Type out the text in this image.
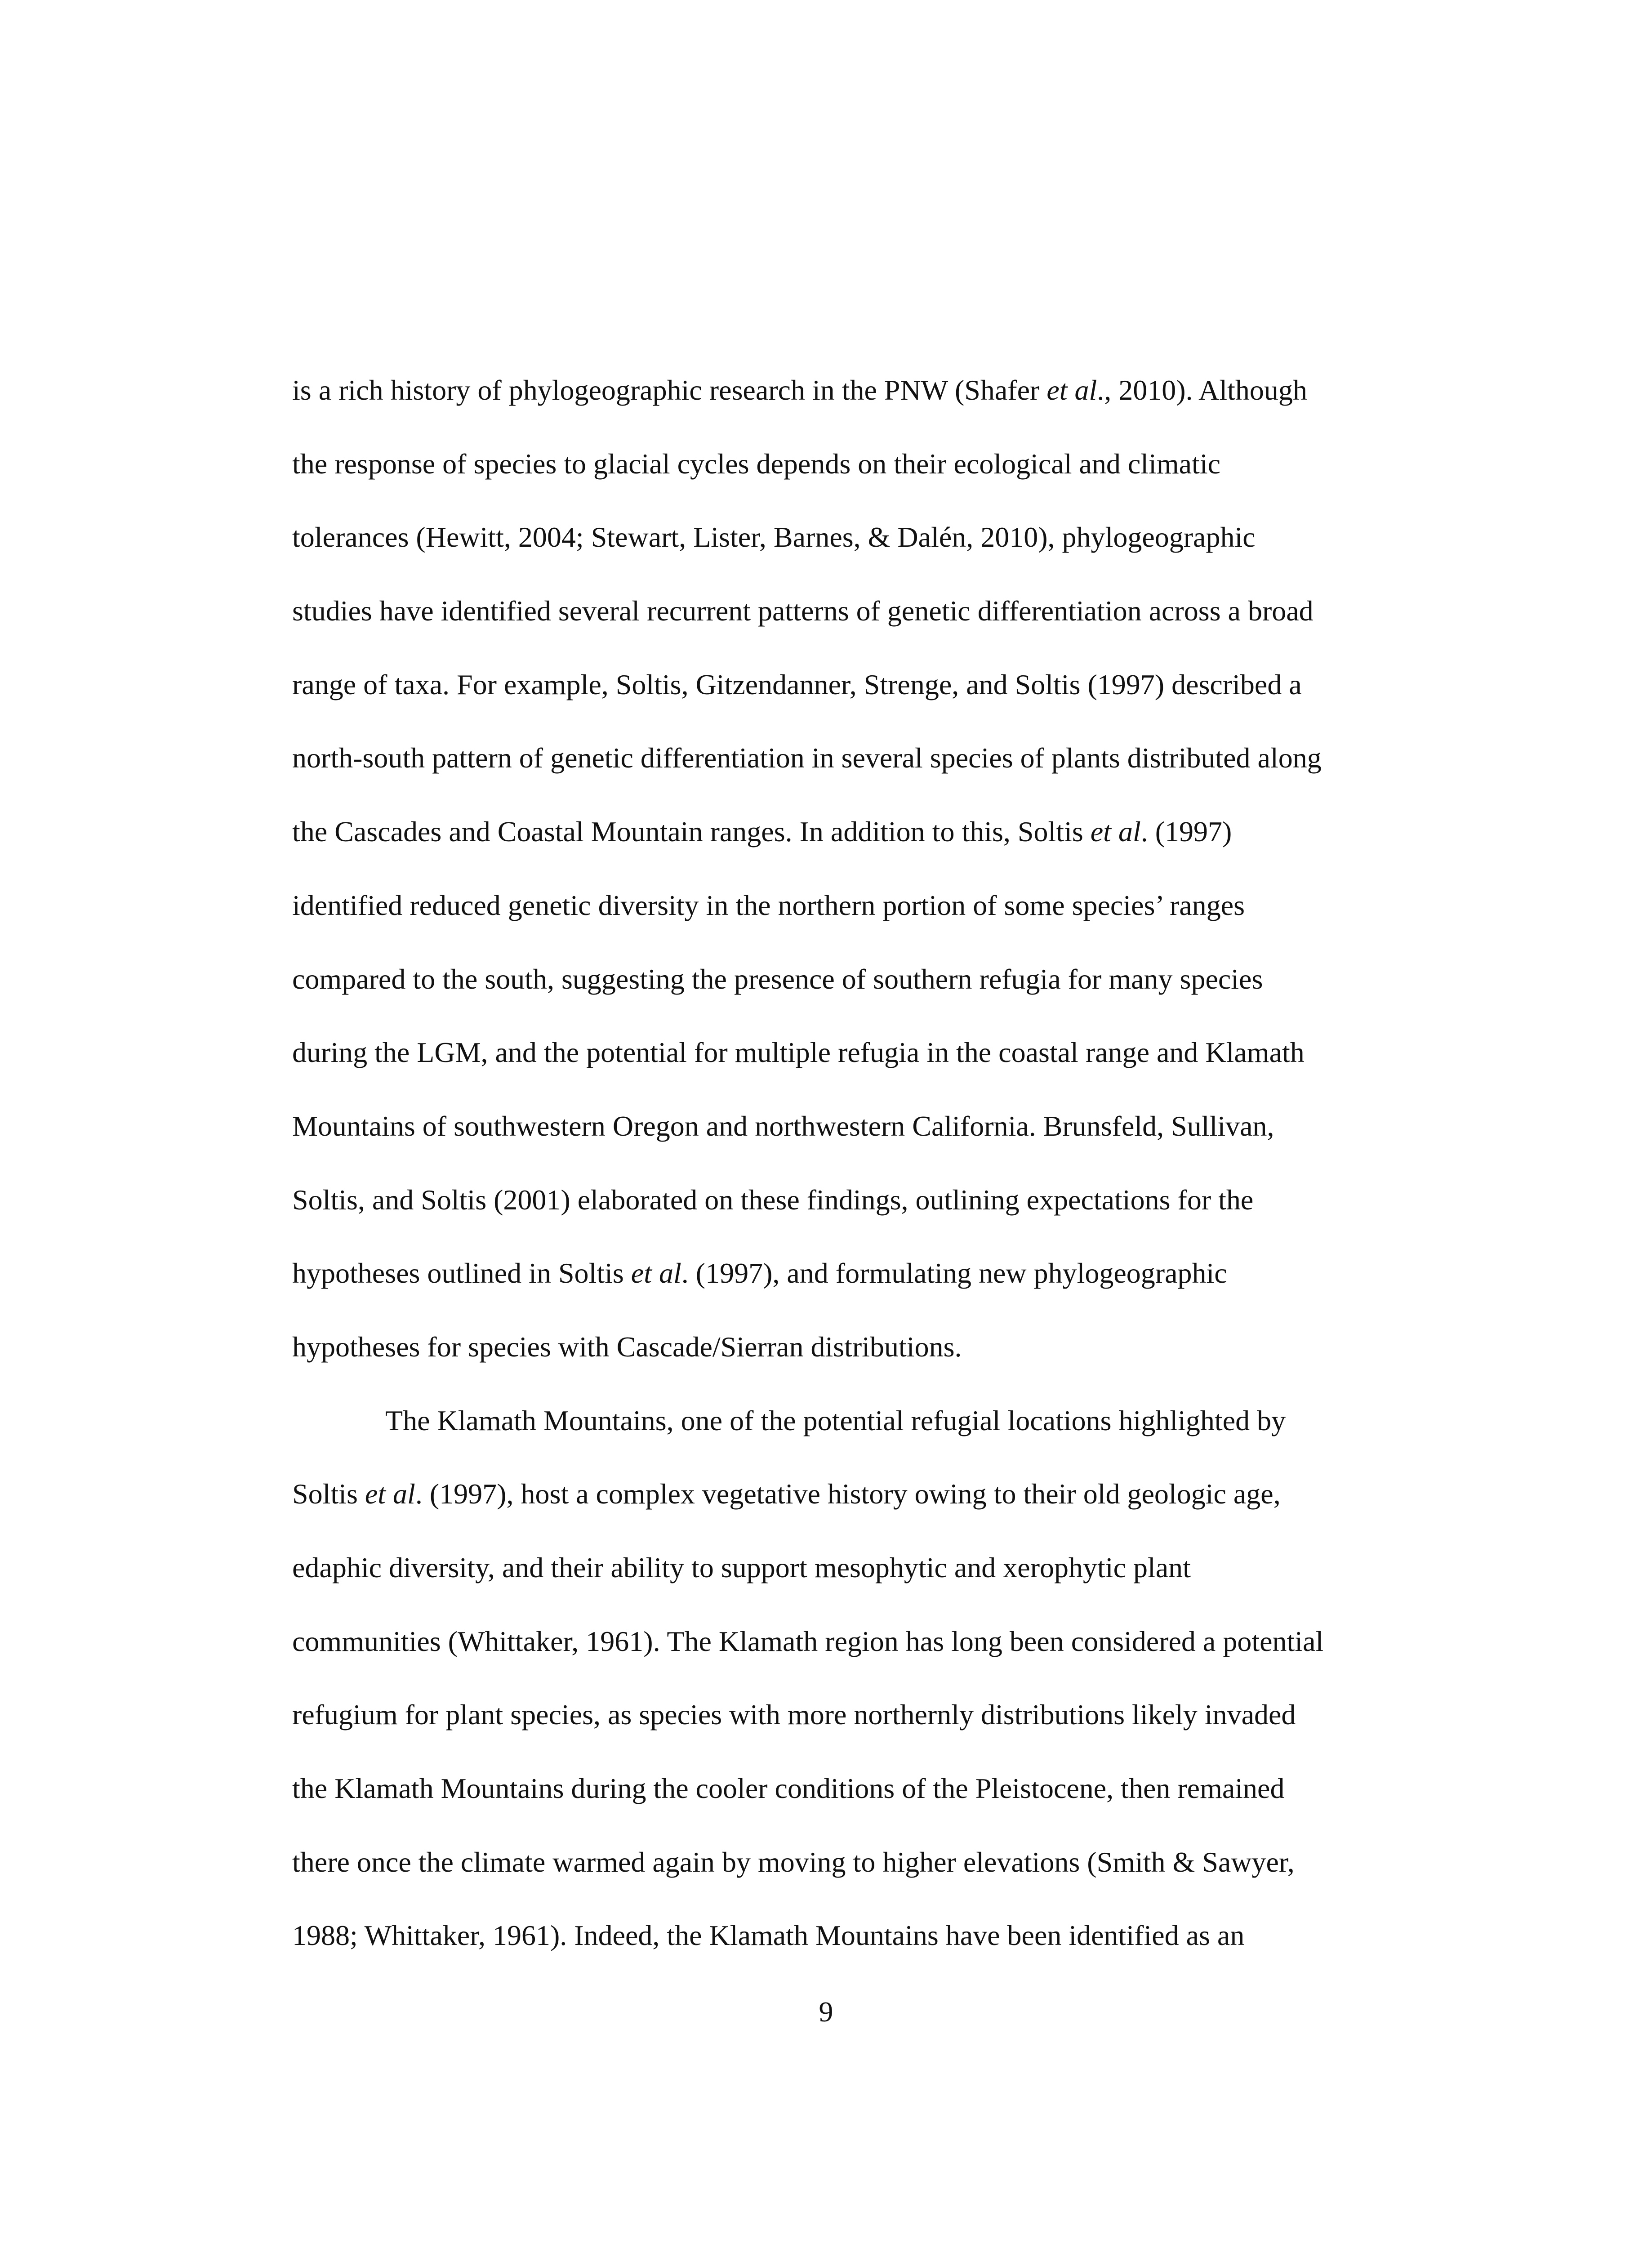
is a rich history of phylogeographic research in the PNW (Shafer et al., 2010). Although
the response of species to glacial cycles depends on their ecological and climatic
tolerances (Hewitt, 2004; Stewart, Lister, Barnes, & Dalén, 2010), phylogeographic
studies have identified several recurrent patterns of genetic differentiation across a broad
range of taxa. For example, Soltis, Gitzendanner, Strenge, and Soltis (1997) described a
north-south pattern of genetic differentiation in several species of plants distributed along
the Cascades and Coastal Mountain ranges. In addition to this, Soltis et al. (1997)
identified reduced genetic diversity in the northern portion of some species’ ranges
compared to the south, suggesting the presence of southern refugia for many species
during the LGM, and the potential for multiple refugia in the coastal range and Klamath
Mountains of southwestern Oregon and northwestern California. Brunsfeld, Sullivan,
Soltis, and Soltis (2001) elaborated on these findings, outlining expectations for the
hypotheses outlined in Soltis et al. (1997), and formulating new phylogeographic
hypotheses for species with Cascade/Sierran distributions.
The Klamath Mountains, one of the potential refugial locations highlighted by
Soltis et al. (1997), host a complex vegetative history owing to their old geologic age,
edaphic diversity, and their ability to support mesophytic and xerophytic plant
communities (Whittaker, 1961). The Klamath region has long been considered a potential
refugium for plant species, as species with more northernly distributions likely invaded
the Klamath Mountains during the cooler conditions of the Pleistocene, then remained
there once the climate warmed again by moving to higher elevations (Smith & Sawyer,
1988; Whittaker, 1961). Indeed, the Klamath Mountains have been identified as an
9
